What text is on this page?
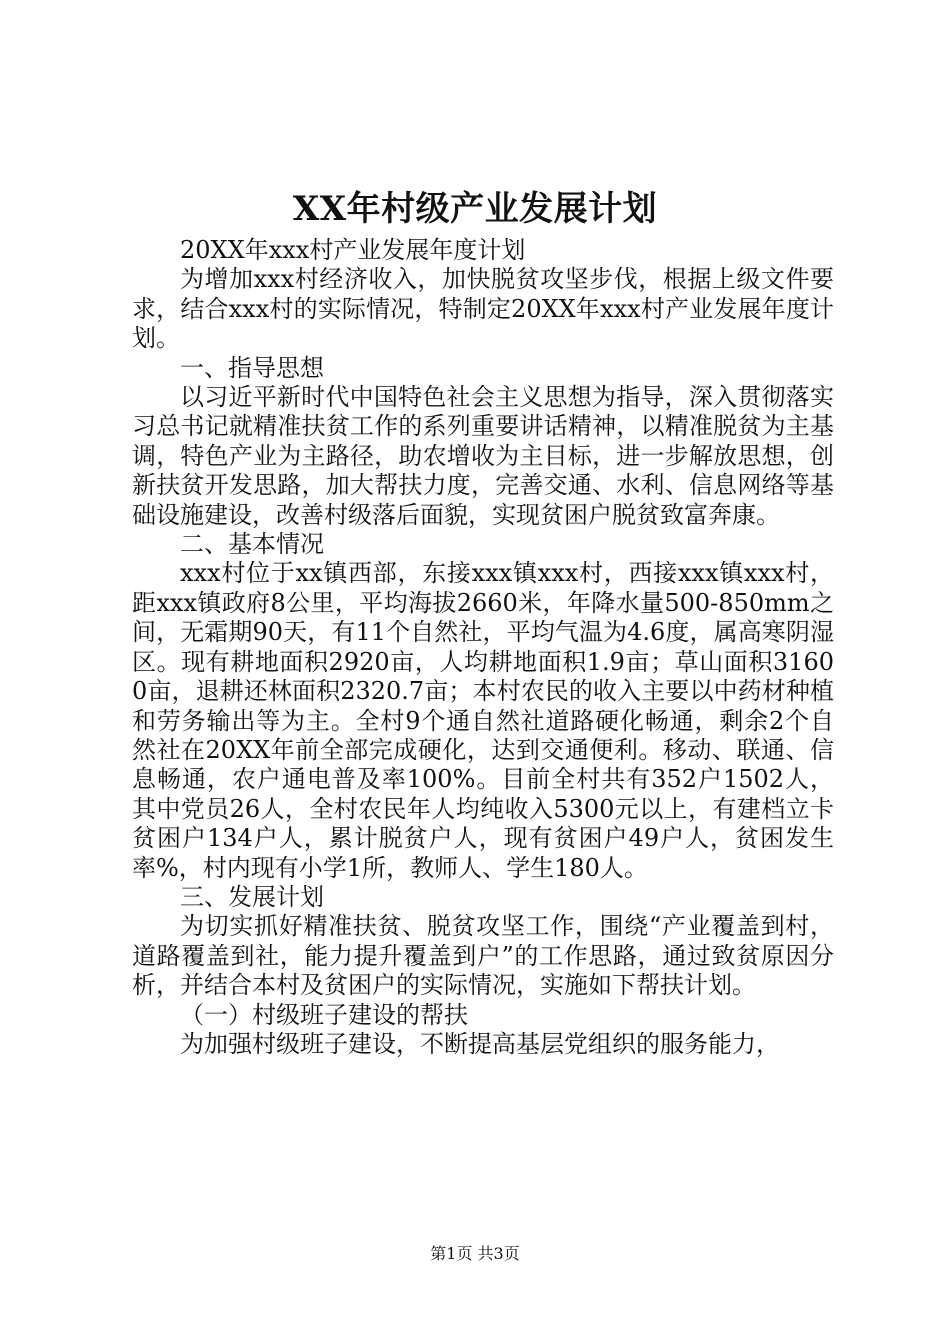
XX年村级产业发展计划

20XX年xxx村产业发展年度计划

为增加xxx村经济收入，加快脱贫攻坚步伐，根据上级文件要求，结合xxx村的实际情况，特制定20XX年xxx村产业发展年度计划。

一、指导思想

以习近平新时代中国特色社会主义思想为指导，深入贯彻落实习总书记就精准扶贫工作的系列重要讲话精神，以精准脱贫为主基调，特色产业为主路径，助农增收为主目标，进一步解放思想，创新扶贫开发思路，加大帮扶力度，完善交通、水利、信息网络等基础设施建设，改善村级落后面貌，实现贫困户脱贫致富奔康。

二、基本情况

xxx村位于xx镇西部，东接xxx镇xxx村，西接xxx镇xxx村，距xxx镇政府8公里，平均海拔2660米，年降水量500-850mm之间，无霜期90天，有11个自然社，平均气温为4.6度，属高寒阴湿区。现有耕地面积2920亩，人均耕地面积1.9亩；草山面积31600亩，退耕还林面积2320.7亩；本村农民的收入主要以中药材种植和劳务输出等为主。全村9个通自然社道路硬化畅通，剩余2个自然社在20XX年前全部完成硬化，达到交通便利。移动、联通、信息畅通，农户通电普及率100%。目前全村共有352户1502人，其中党员26人，全村农民年人均纯收入5300元以上，有建档立卡贫困户134户人，累计脱贫户人，现有贫困户49户人，贫困发生率%，村内现有小学1所，教师人、学生180人。

三、发展计划

为切实抓好精准扶贫、脱贫攻坚工作，围绕“产业覆盖到村，道路覆盖到社，能力提升覆盖到户”的工作思路，通过致贫原因分析，并结合本村及贫困户的实际情况，实施如下帮扶计划。

（一）村级班子建设的帮扶

为加强村级班子建设，不断提高基层党组织的服务能力，

第1页 共3页
